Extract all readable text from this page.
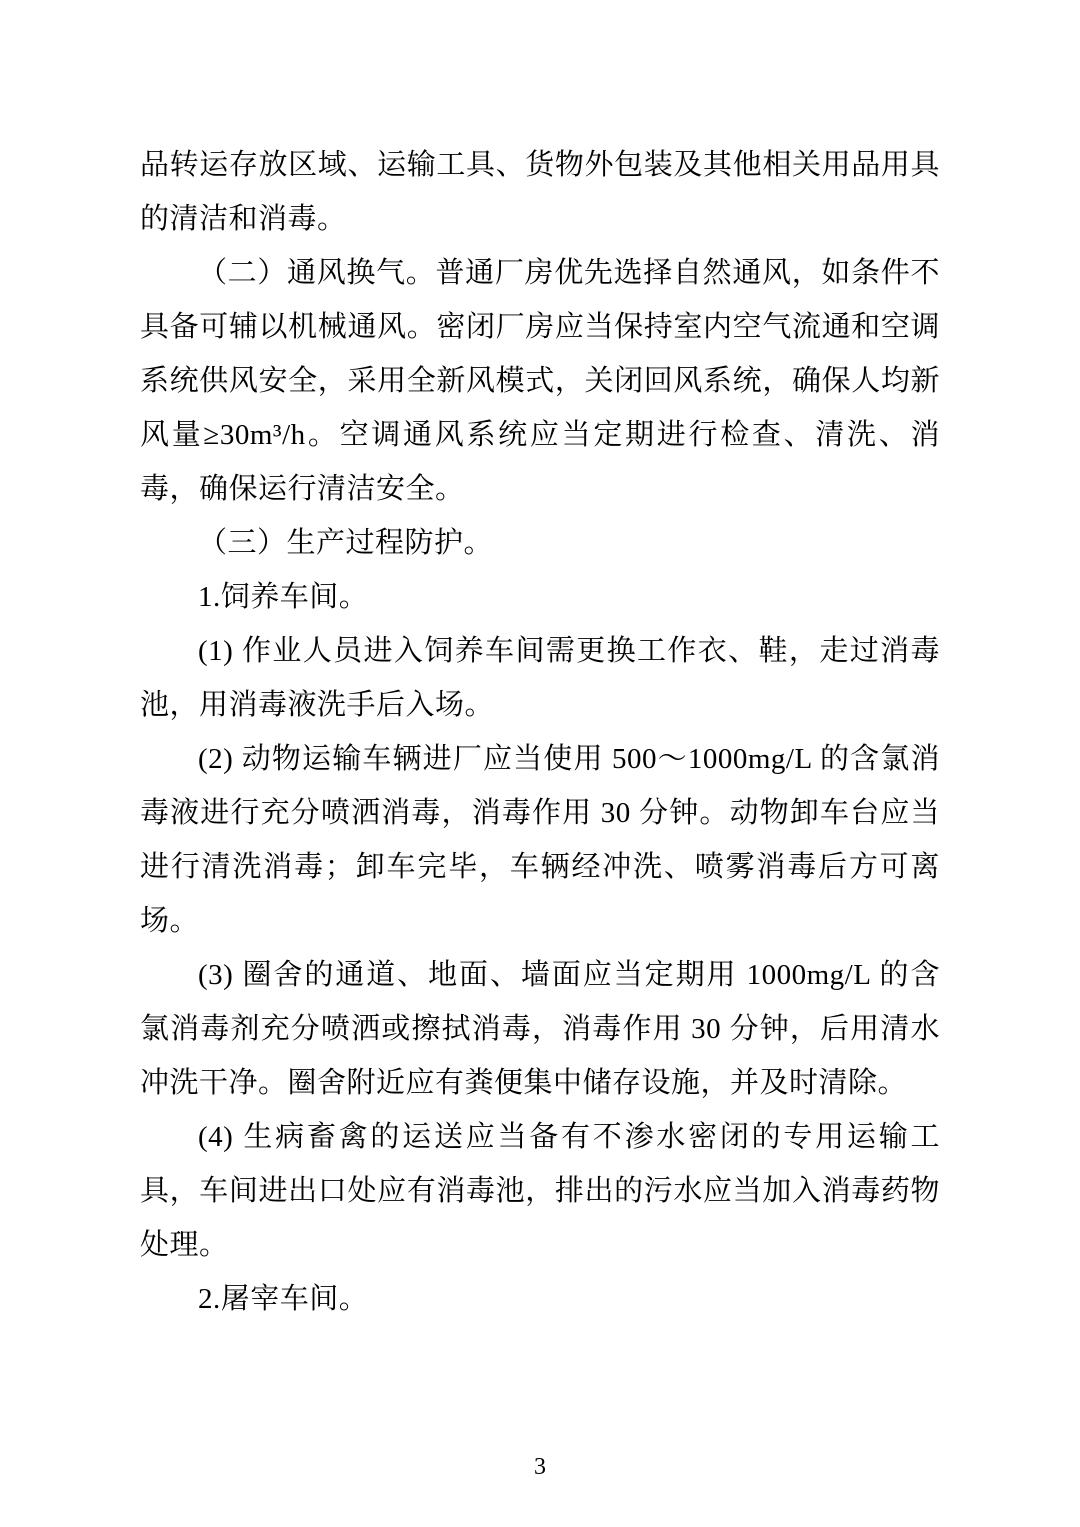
品转运存放区域、运输工具、货物外包装及其他相关用品用具的清洁和消毒。

（二）通风换气。普通厂房优先选择自然通风，如条件不具备可辅以机械通风。密闭厂房应当保持室内空气流通和空调系统供风安全，采用全新风模式，关闭回风系统，确保人均新风量≥30m³/h。空调通风系统应当定期进行检查、清洗、消毒，确保运行清洁安全。

（三）生产过程防护。

1.饲养车间。

(1) 作业人员进入饲养车间需更换工作衣、鞋，走过消毒池，用消毒液洗手后入场。

(2) 动物运输车辆进厂应当使用 500～1000mg/L 的含氯消毒液进行充分喷洒消毒，消毒作用 30 分钟。动物卸车台应当进行清洗消毒；卸车完毕，车辆经冲洗、喷雾消毒后方可离场。

(3) 圈舍的通道、地面、墙面应当定期用 1000mg/L 的含氯消毒剂充分喷洒或擦拭消毒，消毒作用 30 分钟，后用清水冲洗干净。圈舍附近应有粪便集中储存设施，并及时清除。

(4) 生病畜禽的运送应当备有不渗水密闭的专用运输工具，车间进出口处应有消毒池，排出的污水应当加入消毒药物处理。

2.屠宰车间。

3
